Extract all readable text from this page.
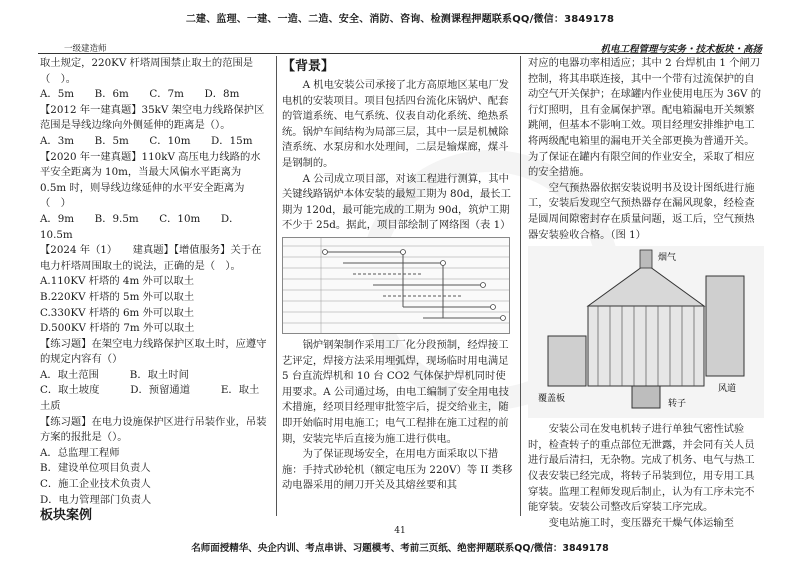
二建、监理、一建、一造、二造、安全、消防、咨询、检测课程押题联系QQ/微信：3849178
一级建造师	机电工程管理与实务・技术板块・高扬

取土规定，220KV 杆塔周围禁止取土的范围是（　）。

A．5m　　B．6m　　C．7m　　D．8m

【2012 年一建真题】35kV 架空电力线路保护区范围是导线边缘向外侧延伸的距离是（）。

A．3m　　B．5m　　C．10m　　D．15m

【2020 年一建真题】110kV 高压电力线路的水平安全距离为 10m，当最大风偏水平距离为 0.5m 时，则导线边缘延伸的水平安全距离为（　）

A．9m　　B．9.5m　　C．10m　　D．10.5m

【2024 年（1）　　建真题】【增值服务】关于在电力杆塔周围取土的说法，正确的是（　）。

A.110KV 杆塔的 4m 外可以取土

B.220KV 杆塔的 5m 外可以取土

C.330KV 杆塔的 6m 外可以取土

D.500KV 杆塔的 7m 外可以取土

【练习题】在架空电力线路保护区取土时，应遵守的规定内容有（）

A．取土范围　　　B．取土时间

C．取土坡度　　　D．预留通道　　　E．取土土质

【练习题】在电力设施保护区进行吊装作业，吊装方案的报批是（）。

A．总监理工程师

B．建设单位项目负责人

C．施工企业技术负责人

D．电力管理部门负责人

板块案例

【背景】

A 机电安装公司承接了北方高原地区某电厂发电机的安装项目。项目包括四台流化床锅炉、配套的管道系统、电气系统、仪表自动化系统、绝热系统。锅炉车间结构为局部三层，其中一层是机械除渣系统、水泵房和水处理间，二层是输煤廊，煤斗是钢制的。

A 公司成立项目部，对该工程进行测算，其中关键线路锅炉本体安装的最短工期为 80d，最长工期为 120d，最可能完成的工期为 90d，筑炉工期不少于 25d。据此，项目部绘制了网络图（表 1）

锅炉钢架制作采用工厂化分段预制，经焊接工艺评定，焊接方法采用埋弧焊，现场临时用电满足 5 台直流焊机和 10 台 CO2 气体保护焊机同时使用要求。A 公司通过场，由电工编制了安全用电技术措施，经项目经理审批签字后，提交给业主，随即开始临时用电施工；电气工程排在施工过程的前期，安装完毕后直接为施工进行供电。

为了保证现场安全，在用电方面采取以下措施：手持式砂轮机（额定电压为 220V）等 II 类移动电器采用的闸刀开关及其熔丝要和其

对应的电器功率相适应；其中 2 台焊机由 1 个闸刀控制，将其串联连接，其中一个带有过流保护的自动空气开关保护；在球罐内作业使用电压为 36V 的行灯照明，且有金属保护罩。配电箱漏电开关频繁跳闸，但基本不影响工效。项目经理安排维护电工将两级配电箱里的漏电开关全部更换为普通开关。为了保证在罐内有限空间的作业安全，采取了相应的安全措施。

空气预热器依据安装说明书及设计图纸进行施工，安装后发现空气预热器存在漏风现象，经检查是圆周间隙密封存在质量问题，返工后，空气预热器安装验收合格。（图 1）

烟气
风道
转子
覆盖板

安装公司在发电机转子进行单独气密性试验时，检查转子的重点部位无泄露，并会同有关人员进行最后清扫，无杂物。完成了机务、电气与热工仪表安装已经完成，将转子吊装到位，用专用工具穿装。监理工程师发现后制止，认为有工序未完不能穿装。安装公司整改后穿装工序完成。

变电站施工时，变压器充干燥气体运输至

41
名师面授精华、央企内训、考点串讲、习题模考、考前三页纸、绝密押题联系QQ/微信：3849178
